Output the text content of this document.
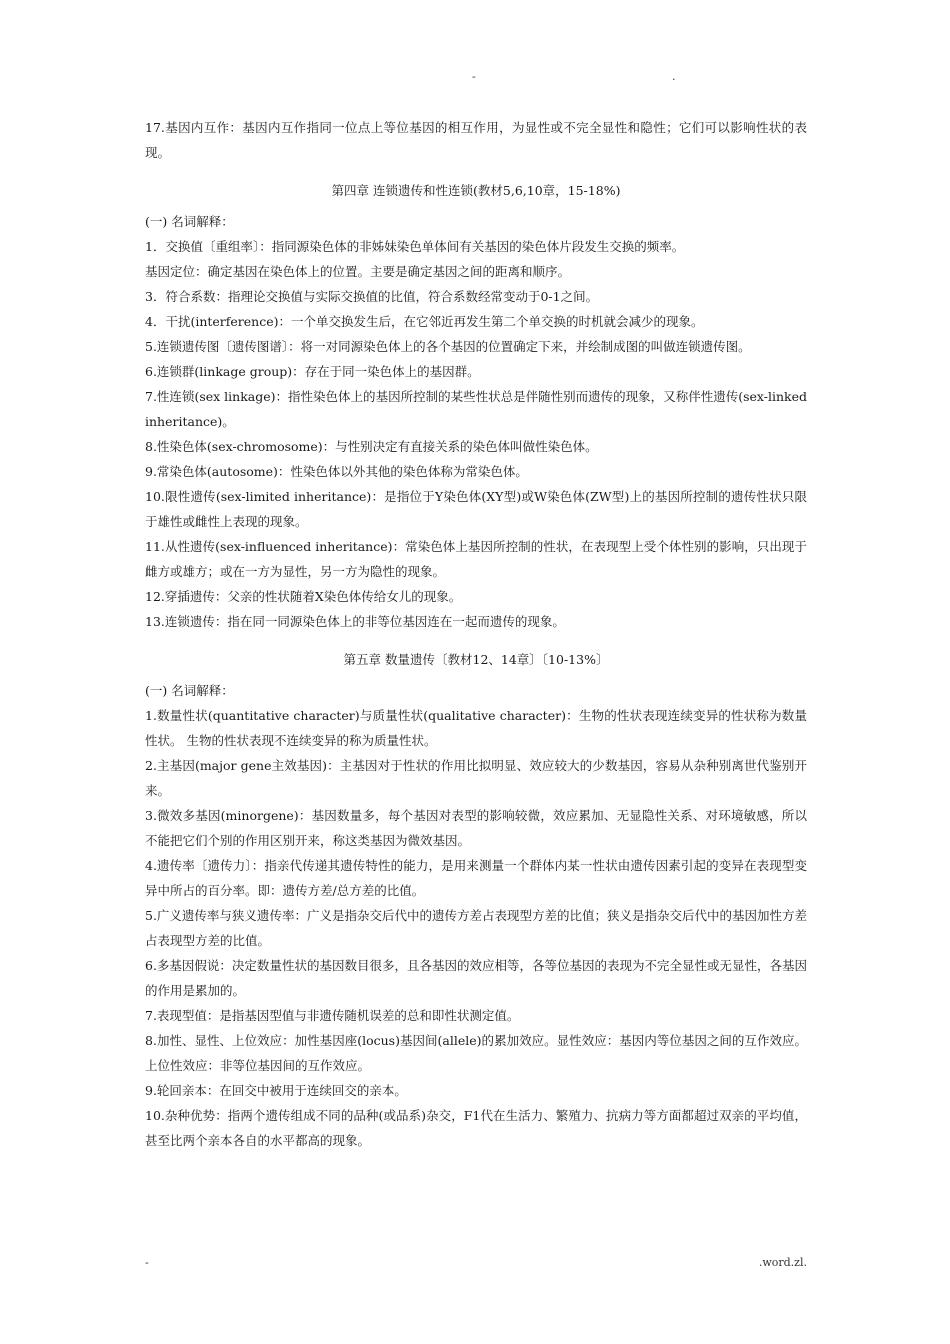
-	.

17.基因内互作：基因内互作指同一位点上等位基因的相互作用，为显性或不完全显性和隐性；它们可以影响性状的表现。

第四章 连锁遗传和性连锁(教材5,6,10章，15-18%)

(一) 名词解释：

1．交换值〔重组率〕：指同源染色体的非姊妹染色单体间有关基因的染色体片段发生交换的频率。

基因定位：确定基因在染色体上的位置。主要是确定基因之间的距离和顺序。

3．符合系数：指理论交换值与实际交换值的比值，符合系数经常变动于0-1之间。

4．干扰(interference)：一个单交换发生后，在它邻近再发生第二个单交换的时机就会减少的现象。

5.连锁遗传图〔遗传图谱〕：将一对同源染色体上的各个基因的位置确定下来，并绘制成图的叫做连锁遗传图。

6.连锁群(linkage group)：存在于同一染色体上的基因群。

7.性连锁(sex linkage)：指性染色体上的基因所控制的某些性状总是伴随性别而遗传的现象，又称伴性遗传(sex-linked inheritance)。

8.性染色体(sex-chromosome)：与性别决定有直接关系的染色体叫做性染色体。

9.常染色体(autosome)：性染色体以外其他的染色体称为常染色体。

10.限性遗传(sex-limited inheritance)：是指位于Y染色体(XY型)或W染色体(ZW型)上的基因所控制的遗传性状只限于雄性或雌性上表现的现象。

11.从性遗传(sex-influenced inheritance)：常染色体上基因所控制的性状，在表现型上受个体性别的影响，只出现于雌方或雄方；或在一方为显性，另一方为隐性的现象。

12.穿插遗传：父亲的性状随着X染色体传给女儿的现象。

13.连锁遗传：指在同一同源染色体上的非等位基因连在一起而遗传的现象。

第五章 数量遗传〔教材12、14章〕〔10-13%〕

(一) 名词解释：

1.数量性状(quantitative character)与质量性状(qualitative character)：生物的性状表现连续变异的性状称为数量性状。 生物的性状表现不连续变异的称为质量性状。

2.主基因(major gene主效基因)：主基因对于性状的作用比拟明显、效应较大的少数基因，容易从杂种别离世代鉴别开来。

3.微效多基因(minorgene)：基因数量多，每个基因对表型的影响较微，效应累加、无显隐性关系、对环境敏感，所以不能把它们个别的作用区别开来，称这类基因为微效基因。

4.遗传率〔遗传力〕：指亲代传递其遗传特性的能力，是用来测量一个群体内某一性状由遗传因素引起的变异在表现型变异中所占的百分率。即：遗传方差/总方差的比值。

5.广义遗传率与狭义遗传率：广义是指杂交后代中的遗传方差占表现型方差的比值；狭义是指杂交后代中的基因加性方差占表现型方差的比值。

6.多基因假说：决定数量性状的基因数目很多，且各基因的效应相等，各等位基因的表现为不完全显性或无显性，各基因的作用是累加的。

7.表现型值：是指基因型值与非遗传随机误差的总和即性状测定值。

8.加性、显性、上位效应：加性基因座(locus)基因间(allele)的累加效应。显性效应：基因内等位基因之间的互作效应。上位性效应：非等位基因间的互作效应。

9.轮回亲本：在回交中被用于连续回交的亲本。

10.杂种优势：指两个遗传组成不同的品种(或品系)杂交，F1代在生活力、繁殖力、抗病力等方面都超过双亲的平均值，甚至比两个亲本各自的水平都高的现象。

-	.word.zl.
